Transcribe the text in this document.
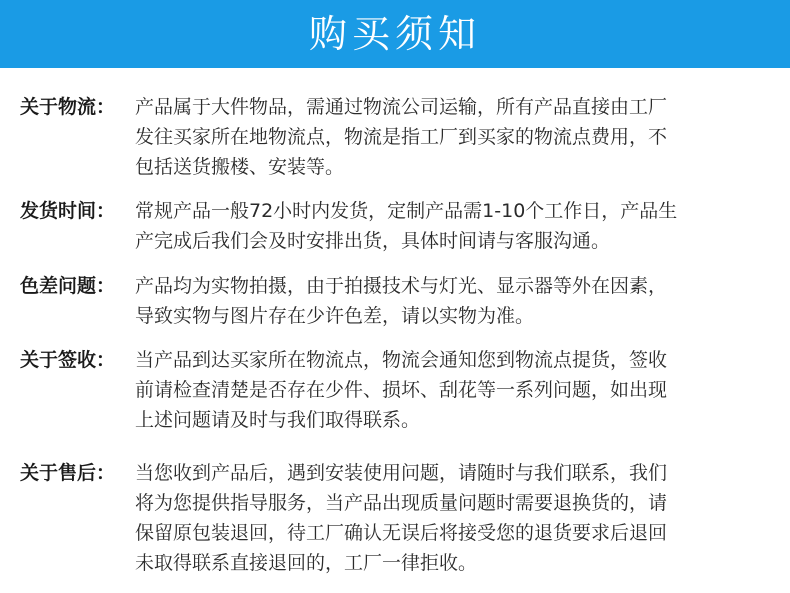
购买须知
关于物流：	产品属于大件物品，需通过物流公司运输，所有产品直接由工厂
发往买家所在地物流点，物流是指工厂到买家的物流点费用，不
包括送货搬楼、安装等。
发货时间：	常规产品一般72小时内发货，定制产品需1-10个工作日，产品生
产完成后我们会及时安排出货，具体时间请与客服沟通。
色差问题：	产品均为实物拍摄，由于拍摄技术与灯光、显示器等外在因素，
导致实物与图片存在少许色差，请以实物为准。
关于签收：	当产品到达买家所在物流点，物流会通知您到物流点提货，签收
前请检查清楚是否存在少件、损坏、刮花等一系列问题，如出现
上述问题请及时与我们取得联系。
关于售后：	当您收到产品后，遇到安装使用问题，请随时与我们联系，我们
将为您提供指导服务，当产品出现质量问题时需要退换货的，请
保留原包装退回，待工厂确认无误后将接受您的退货要求后退回
未取得联系直接退回的，工厂一律拒收。
